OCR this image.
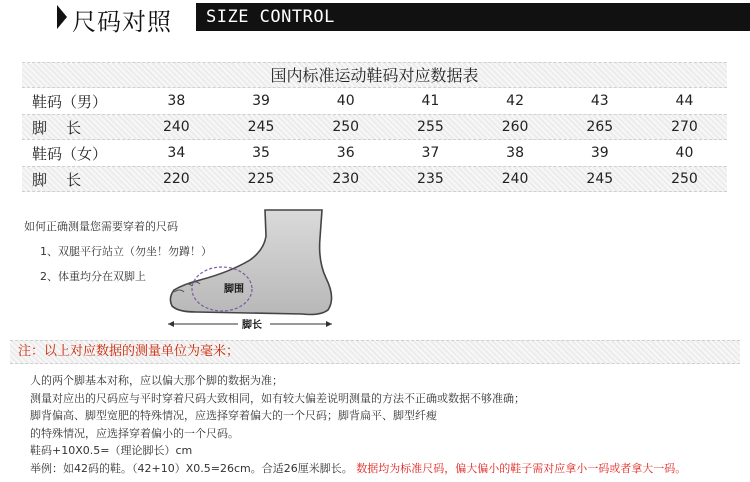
尺码对照	SIZE CONTROL
国内标准运动鞋码对应数据表
鞋码（男）	38	39	40	41	42	43	44
脚    长	240	245	250	255	260	265	270
鞋码（女）	34	35	36	37	38	39	40
脚    长	220	225	230	235	240	245	250
如何正确测量您需要穿着的尺码
1、双腿平行站立（勿坐！勿蹲！）
2、体重均分在双脚上
脚围
脚长
注：以上对应数据的测量单位为毫米；
人的两个脚基本对称，应以偏大那个脚的数据为准；
测量对应出的尺码应与平时穿着尺码大致相同，如有较大偏差说明测量的方法不正确或数据不够准确；
脚背偏高、脚型宽肥的特殊情况，应选择穿着偏大的一个尺码；脚背扁平、脚型纤瘦
的特殊情况，应选择穿着偏小的一个尺码。
鞋码+10X0.5=（理论脚长）cm
举例：如42码的鞋。（42+10）X0.5=26cm。合适26厘米脚长。 数据均为标准尺码，偏大偏小的鞋子需对应拿小一码或者拿大一码。
